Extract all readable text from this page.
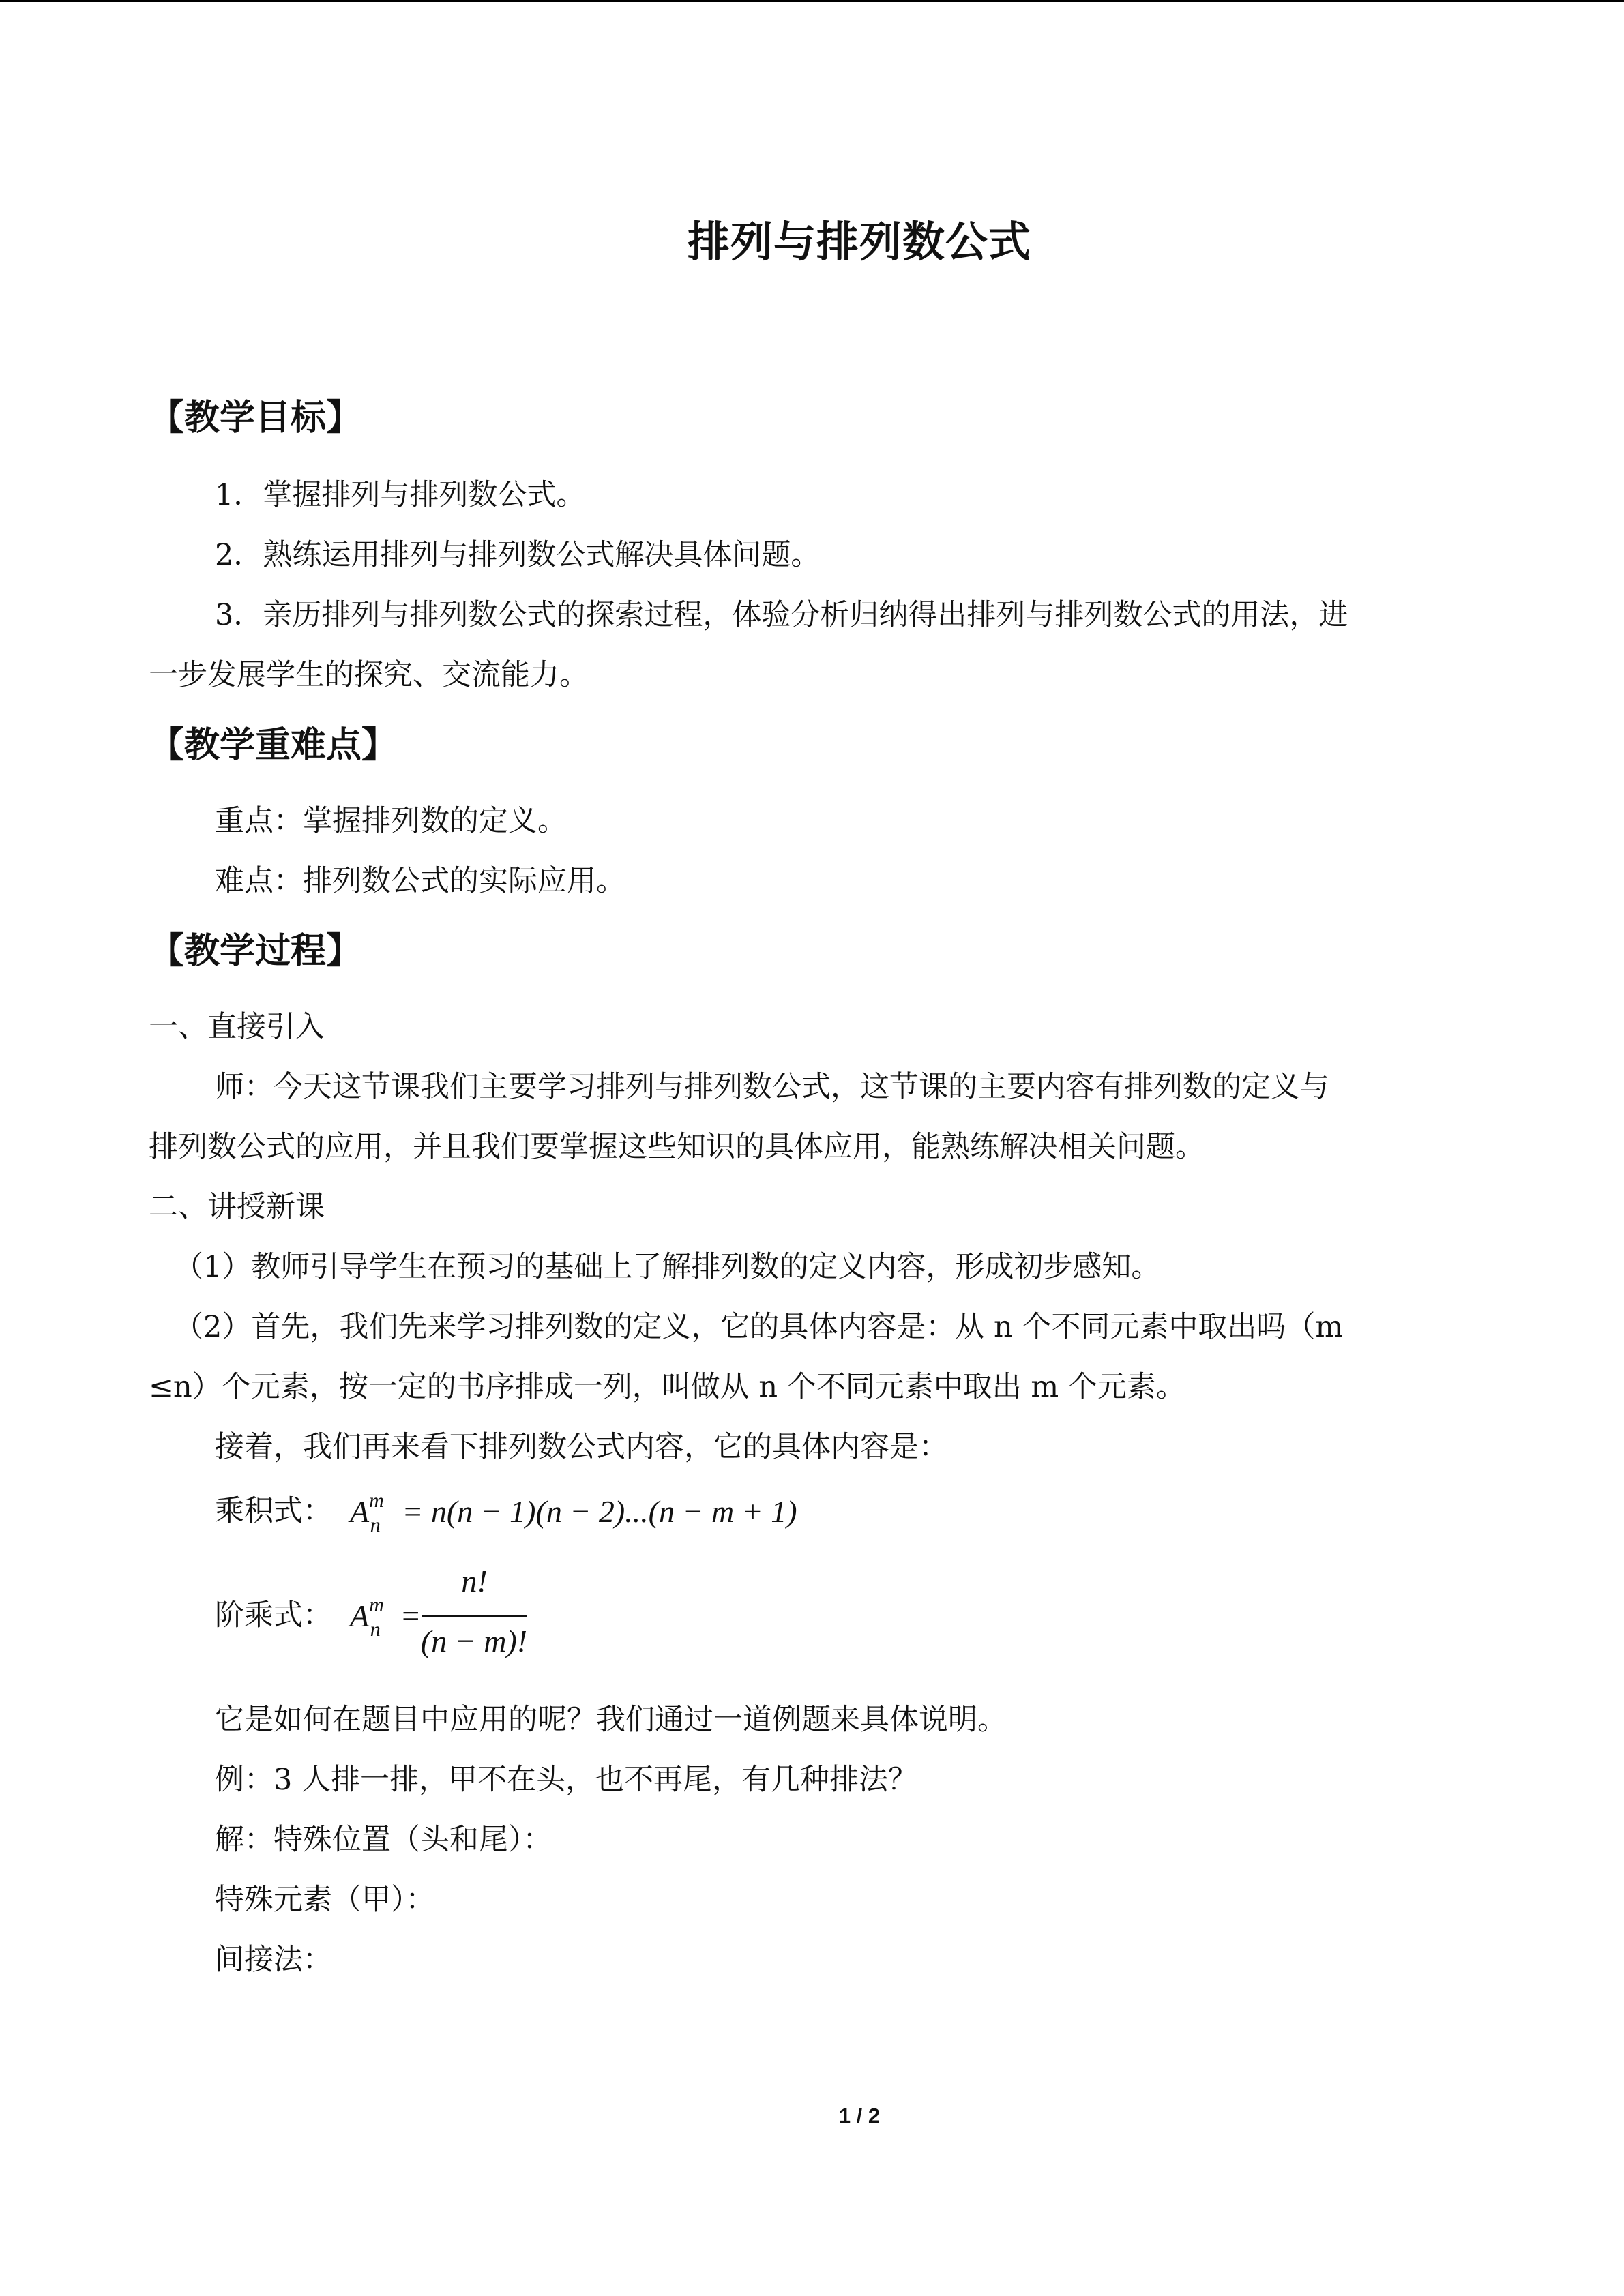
排列与排列数公式
【教学目标】
1．掌握排列与排列数公式。
2．熟练运用排列与排列数公式解决具体问题。
3．亲历排列与排列数公式的探索过程，体验分析归纳得出排列与排列数公式的用法，进
一步发展学生的探究、交流能力。
【教学重难点】
重点：掌握排列数的定义。
难点：排列数公式的实际应用。
【教学过程】
一、直接引入
师：今天这节课我们主要学习排列与排列数公式，这节课的主要内容有排列数的定义与
排列数公式的应用，并且我们要掌握这些知识的具体应用，能熟练解决相关问题。
二、讲授新课
（1）教师引导学生在预习的基础上了解排列数的定义内容，形成初步感知。
（2）首先，我们先来学习排列数的定义，它的具体内容是：从 n 个不同元素中取出吗（m
≤n）个元素，按一定的书序排成一列，叫做从 n 个不同元素中取出 m 个元素。
接着，我们再来看下排列数公式内容，它的具体内容是：
乘积式： $A^m_n = n(n - 1)(n - 2)...(n - m + 1)$
阶乘式： $A^m_n$ =
n!
(n − m)!
它是如何在题目中应用的呢？我们通过一道例题来具体说明。
例：3 人排一排，甲不在头，也不再尾，有几种排法？
解：特殊位置（头和尾）：
特殊元素（甲）：
间接法：
1 / 2
